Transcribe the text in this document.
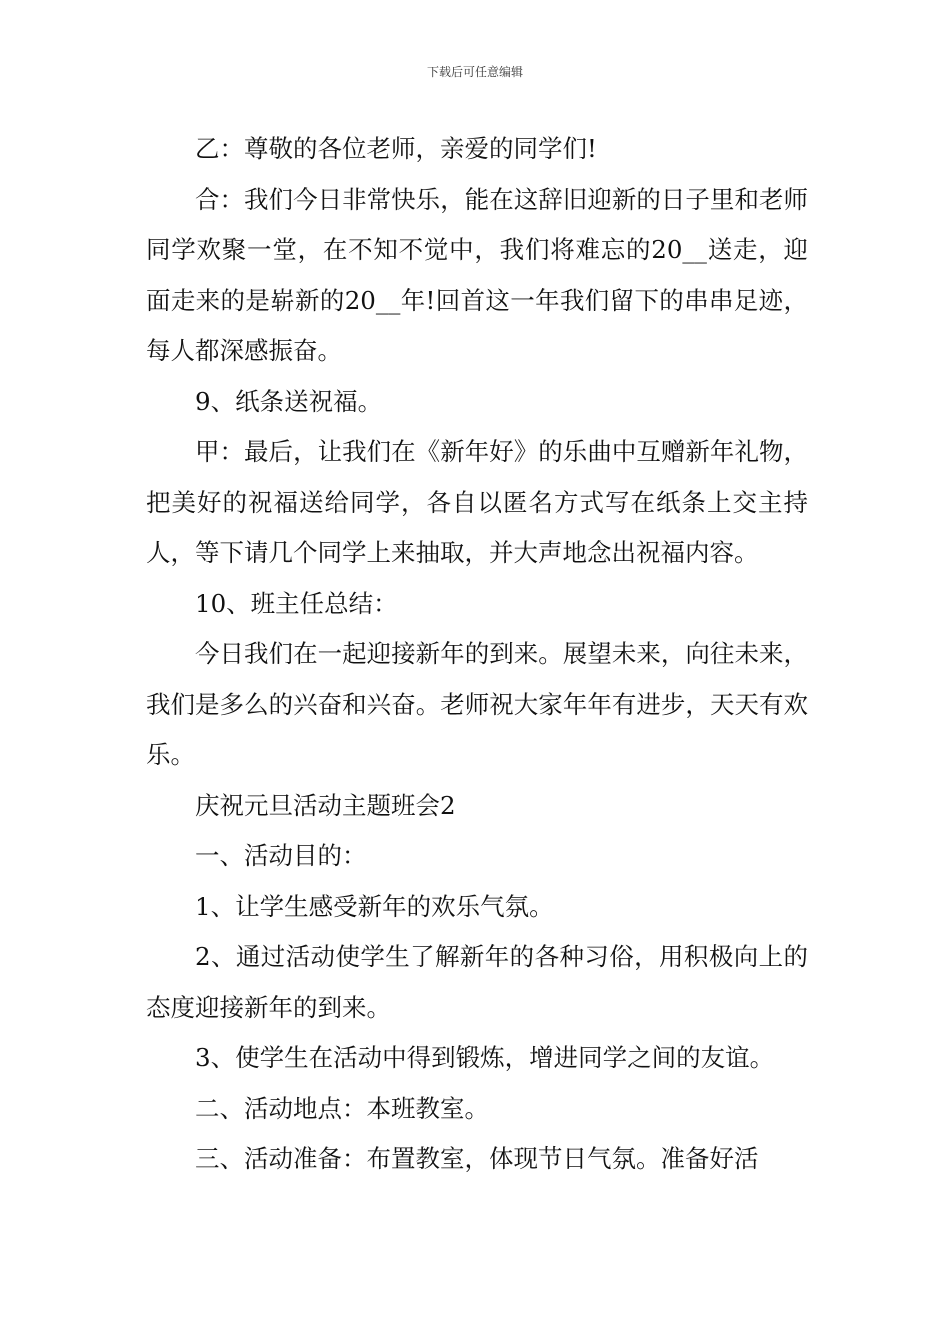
下载后可任意编辑

乙：尊敬的各位老师，亲爱的同学们!

合：我们今日非常快乐，能在这辞旧迎新的日子里和老师同学欢聚一堂，在不知不觉中，我们将难忘的20__送走，迎面走来的是崭新的20__年!回首这一年我们留下的串串足迹，每人都深感振奋。

9、纸条送祝福。

甲：最后，让我们在《新年好》的乐曲中互赠新年礼物，把美好的祝福送给同学，各自以匿名方式写在纸条上交主持人，等下请几个同学上来抽取，并大声地念出祝福内容。

10、班主任总结：

今日我们在一起迎接新年的到来。展望未来，向往未来，我们是多么的兴奋和兴奋。老师祝大家年年有进步，天天有欢乐。

庆祝元旦活动主题班会2

一、活动目的：

1、让学生感受新年的欢乐气氛。

2、通过活动使学生了解新年的各种习俗，用积极向上的态度迎接新年的到来。

3、使学生在活动中得到锻炼，增进同学之间的友谊。

二、活动地点：本班教室。

三、活动准备：布置教室，体现节日气氛。准备好活
